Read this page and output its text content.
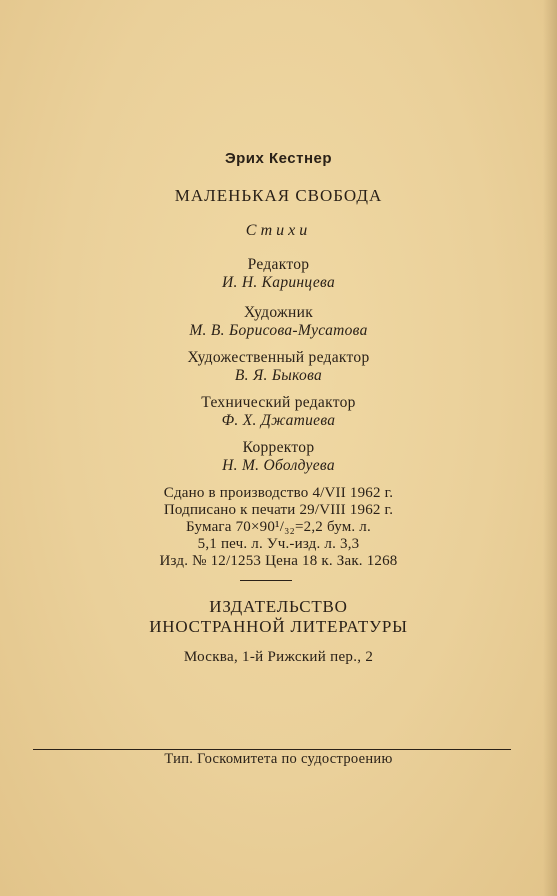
Эрих Кестнер
МАЛЕНЬКАЯ СВОБОДА
Стихи
Редактор
И. Н. Каринцева
Художник
М. В. Борисова-Мусатова
Художественный редактор
В. Я. Быкова
Технический редактор
Ф. Х. Джатиева
Корректор
Н. М. Оболдуева
Сдано в производство 4/VII 1962 г.
Подписано к печати 29/VIII 1962 г.
Бумага 70×90¹/₃₂=2,2 бум. л.
5,1 печ. л. Уч.-изд. л. 3,3
Изд. № 12/1253 Цена 18 к. Зак. 1268
ИЗДАТЕЛЬСТВО
ИНОСТРАННОЙ ЛИТЕРАТУРЫ
Москва, 1-й Рижский пер., 2
Тип. Госкомитета по судостроению
